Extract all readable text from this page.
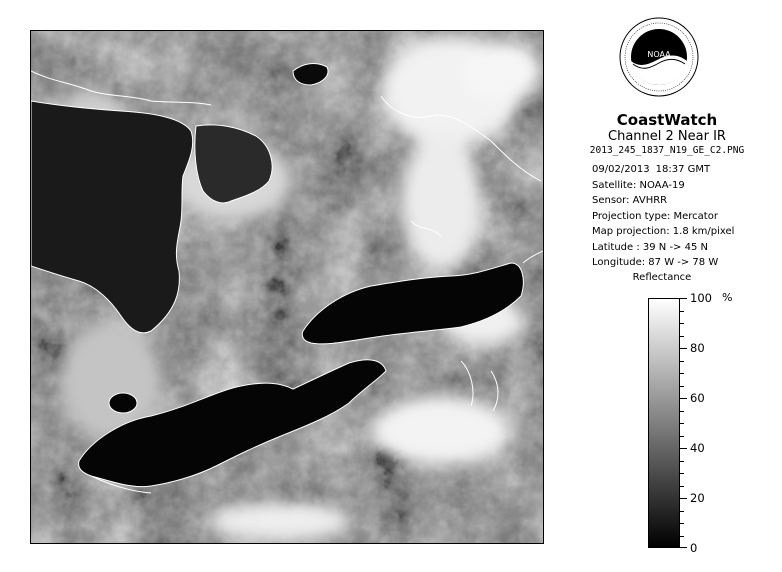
NOAA
CoastWatch
Channel 2 Near IR
2013_245_1837_N19_GE_C2.PNG
09/02/2013 18:37 GMT
Satellite: NOAA-19
Sensor: AVHRR
Projection type: Mercator
Map projection: 1.8 km/pixel
Latitude : 39 N -> 45 N
Longitude: 87 W -> 78 W
Reflectance
100
80
60
40
20
0
%
